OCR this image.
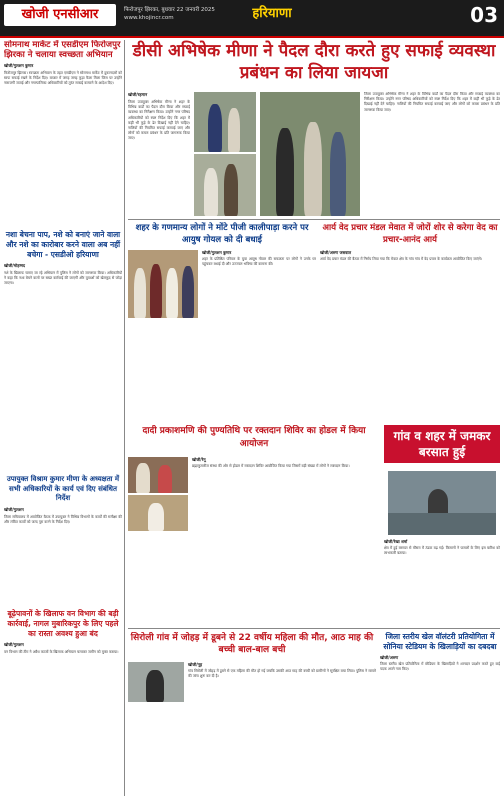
खोजी एनसीआर	फिरोजपुर झिरका, बुधवार 22 जनवरी 2025
www.khojincr.com	हरियाणा	03
सोमनाथ मार्केट में एसडीएम फिरोजपुर झिरका ने चलाया स्वच्छता अभियान
खोजी/गुलशन कुमार
फिरोजपुर झिरका। स्वच्छता अभियान के तहत एसडीएम ने सोमनाथ मार्केट में दुकानदारों को साफ सफाई रखने के निर्देश दिए। बाजार में जगह जगह कूड़ा फैला मिला जिस पर उन्होंने नाराजगी जताई और नगरपालिका अधिकारियों को तुरंत सफाई करवाने के आदेश दिए।
नशा बेचना पाप, नशे को बनाएं जाने वाला और नशे का कारोबार करने वाला अब नहीं बचेगा - एसडीओ हरियाणा
खोजी/मोहम्मद
नशे के खिलाफ चलाए जा रहे अभियान में पुलिस ने लोगों को जागरूक किया। अधिकारियों ने कहा कि नशा बेचने वालों पर सख्त कार्रवाई की जाएगी और युवाओं को खेलकूद से जोड़ा जाएगा।
उपायुक्त विश्राम कुमार मीणा के अध्यक्षता में सभी अधिकारियों के कार्य एवं दिए संबंधित निर्देश
खोजी/गुलशन
जिला सचिवालय में आयोजित बैठक में उपायुक्त ने विभिन्न विभागों के कार्यों की समीक्षा की और लंबित कार्यों को जल्द पूरा करने के निर्देश दिए।
बूढ़ेपावनों के खिलाफ वन विभाग की बड़ी कार्रवाई, नागल मुबारिकपुर के लिए पहले का रास्ता अवश्य हुआ बंद
खोजी/गुलशन
वन विभाग की टीम ने अवैध कब्जों के खिलाफ अभियान चलाकर जमीन को मुक्त कराया।
डीसी अभिषेक मीणा ने पैदल दौरा करते हुए सफाई व्यवस्था प्रबंधन का लिया जायजा
खोजी/रहमान
जिला उपायुक्त अभिषेक मीणा ने शहर के विभिन्न वार्डों का पैदल दौरा किया और सफाई व्यवस्था का निरीक्षण किया। उन्होंने नगर परिषद अधिकारियों को स्पष्ट निर्देश दिए कि शहर में कहीं भी कूड़े के ढेर दिखाई नहीं देने चाहिए। नालियों की नियमित सफाई करवाई जाए और लोगों को कचरा प्रबंधन के प्रति जागरूक किया जाए।
जिला उपायुक्त अभिषेक मीणा ने शहर के विभिन्न वार्डों का पैदल दौरा किया और सफाई व्यवस्था का निरीक्षण किया। उन्होंने नगर परिषद अधिकारियों को स्पष्ट निर्देश दिए कि शहर में कहीं भी कूड़े के ढेर दिखाई नहीं देने चाहिए। नालियों की नियमित सफाई करवाई जाए और लोगों को कचरा प्रबंधन के प्रति जागरूक किया जाए।
शहर के गणमान्य लोगों ने मोंटे पीजी कालीपाड़ा करने पर आयुष गोयल को दी बधाई
खोजी/गुलशन कुमार
शहर के प्रतिष्ठित परिवार के युवा आयुष गोयल की सफलता पर लोगों ने उनके घर पहुंचकर बधाई दी और उज्ज्वल भविष्य की कामना की।
आर्य वेद प्रचार मंडल मेवात में जोरों शोर से करेगा वेद का प्रचार-आनंद आर्य
खोजी/अरुण जसवाल
आर्य वेद प्रचार मंडल की बैठक में निर्णय लिया गया कि मेवात क्षेत्र के गांव गांव में वेद प्रचार के कार्यक्रम आयोजित किए जाएंगे।
दादी प्रकाशमणि की पुण्यतिथि पर रक्तदान शिविर का होडल में किया आयोजन
खोजी/रेनू
ब्रह्माकुमारीज संस्था की ओर से होडल में रक्तदान शिविर आयोजित किया गया जिसमें बड़ी संख्या में लोगों ने रक्तदान किया।
गांव व शहर में जमकर बरसात हुई
खोजी/रेखा शर्मा
क्षेत्र में हुई बरसात से मौसम में ठंडक बढ़ गई। किसानों ने फसलों के लिए इस बारिश को लाभकारी बताया।
सिरोली गांव में जोहड़ में डूबने से 22 वर्षीय महिला की मौत, आठ माह की बच्ची बाल-बाल बची
खोजी/नूह
गांव सिरोली में जोहड़ में डूबने से एक महिला की मौत हो गई जबकि उसकी आठ माह की बच्ची को ग्रामीणों ने सुरक्षित बचा लिया। पुलिस ने मामले की जांच शुरू कर दी है।
जिला स्तरीय खेल वॉलंटरी प्रतियोगिता में सोनिया स्टेडियम के खिलाड़ियों का दबदबा
खोजी/अरुण
जिला स्तरीय खेल प्रतियोगिता में स्टेडियम के खिलाड़ियों ने शानदार प्रदर्शन करते हुए कई पदक अपने नाम किए।
